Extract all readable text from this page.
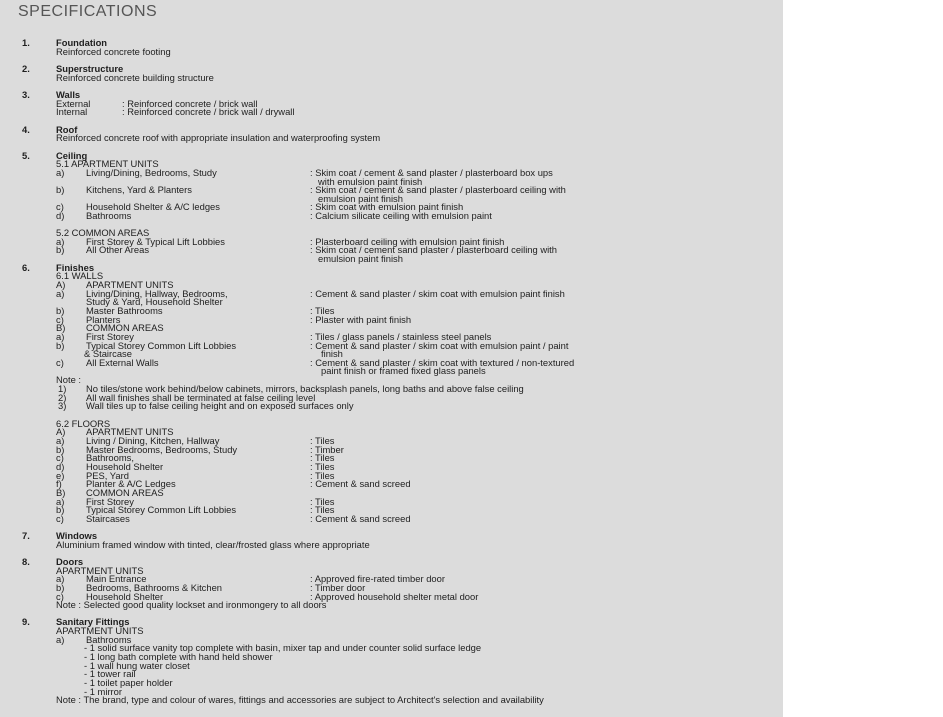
SPECIFICATIONS
1.	Foundation
Reinforced concrete footing
2.	Superstructure
Reinforced concrete building structure
3.	Walls
External	: Reinforced concrete / brick wall
Internal	: Reinforced concrete / brick wall / drywall
4.	Roof
Reinforced concrete roof with appropriate insulation and waterproofing system
5.	Ceiling
5.1 APARTMENT UNITS
a) Living/Dining, Bedrooms, Study	: Skim coat / cement & sand plaster / plasterboard box ups
with emulsion paint finish
b) Kitchens, Yard & Planters	: Skim coat / cement & sand plaster / plasterboard ceiling with
emulsion paint finish
c) Household Shelter & A/C ledges	: Skim coat with emulsion paint finish
d) Bathrooms	: Calcium silicate ceiling with emulsion paint
5.2 COMMON AREAS
a) First Storey & Typical Lift Lobbies	: Plasterboard ceiling with emulsion paint finish
b) All Other Areas	: Skim coat / cement sand plaster / plasterboard ceiling with
emulsion paint finish
6.	Finishes
6.1 WALLS
A) APARTMENT UNITS
a) Living/Dining, Hallway, Bedrooms,
Study & Yard, Household Shelter
: Cement & sand plaster / skim coat with emulsion paint finish
b) Master Bathrooms	: Tiles
c) Planters	: Plaster with paint finish
B) COMMON AREAS
a) First Storey	: Tiles / glass panels / stainless steel panels
b) Typical Storey Common Lift Lobbies
& Staircase
: Cement & sand plaster / skim coat with emulsion paint / paint
finish
c) All External Walls	: Cement & sand plaster / skim coat with textured / non-textured
paint finish or framed fixed glass panels
Note :
1) No tiles/stone work behind/below cabinets, mirrors, backsplash panels, long baths and above false ceiling
2) All wall finishes shall be terminated at false ceiling level
3) Wall tiles up to false ceiling height and on exposed surfaces only
6.2 FLOORS
A) APARTMENT UNITS
a) Living / Dining, Kitchen, Hallway	: Tiles
b) Master Bedrooms, Bedrooms, Study	: Timber
c) Bathrooms,	: Tiles
d) Household Shelter	: Tiles
e) PES, Yard	: Tiles
f)	Planter & A/C Ledges	: Cement & sand screed
B) COMMON AREAS
a) First Storey	: Tiles
b) Typical Storey Common Lift Lobbies	: Tiles
c) Staircases	: Cement & sand screed
7.	Windows
Aluminium framed window with tinted, clear/frosted glass where appropriate
8.	Doors
APARTMENT UNITS
a) Main Entrance	: Approved fire-rated timber door
b) Bedrooms, Bathrooms & Kitchen	: Timber door
c) Household Shelter	: Approved household shelter metal door
Note : Selected good quality lockset and ironmongery to all doors
9.	Sanitary Fittings
APARTMENT UNITS
a) Bathrooms
- 1 solid surface vanity top complete with basin, mixer tap and under counter solid surface ledge
- 1 long bath complete with hand held shower
- 1 wall hung water closet
- 1 tower rail
- 1 toilet paper holder
- 1 mirror
Note : The brand, type and colour of wares, fittings and accessories are subject to Architect's selection and availability
